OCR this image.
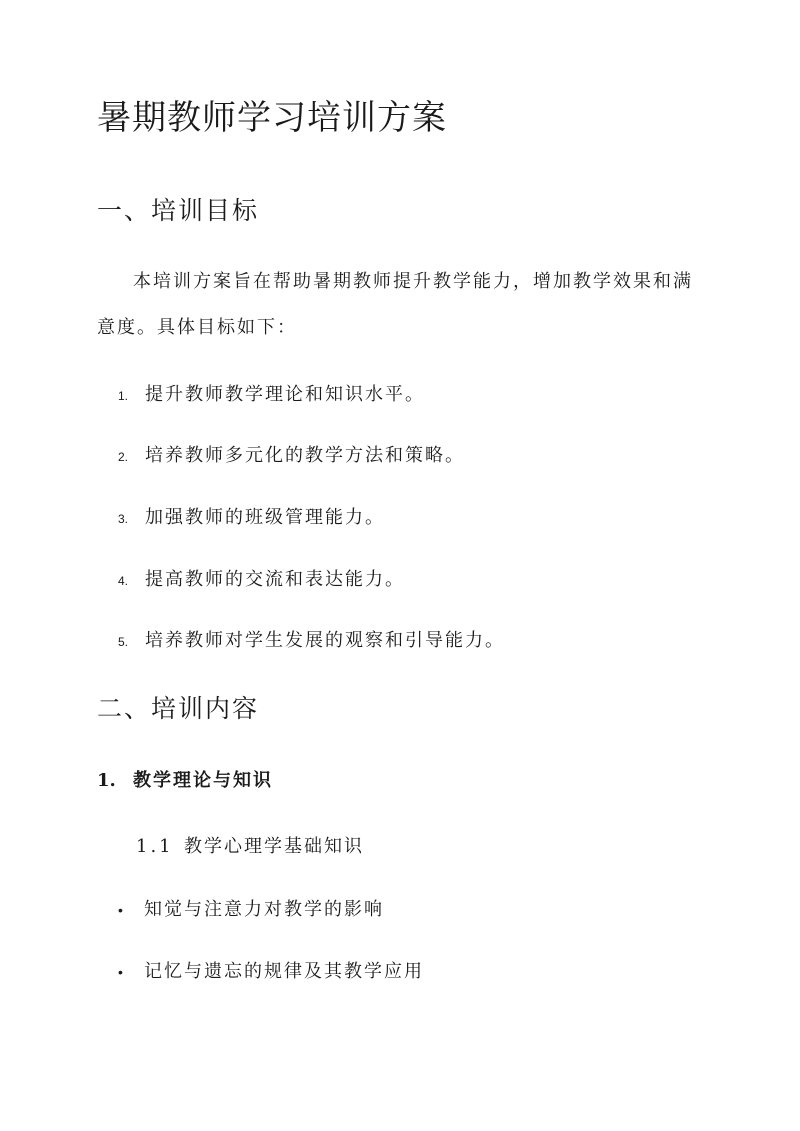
暑期教师学习培训方案
一、培训目标

本培训方案旨在帮助暑期教师提升教学能力，增加教学效果和满意度。具体目标如下：

1. 提升教师教学理论和知识水平。
2. 培养教师多元化的教学方法和策略。
3. 加强教师的班级管理能力。
4. 提高教师的交流和表达能力。
5. 培养教师对学生发展的观察和引导能力。
二、培训内容
1. 教学理论与知识
1.1 教学心理学基础知识
•	知觉与注意力对教学的影响
•	记忆与遗忘的规律及其教学应用
